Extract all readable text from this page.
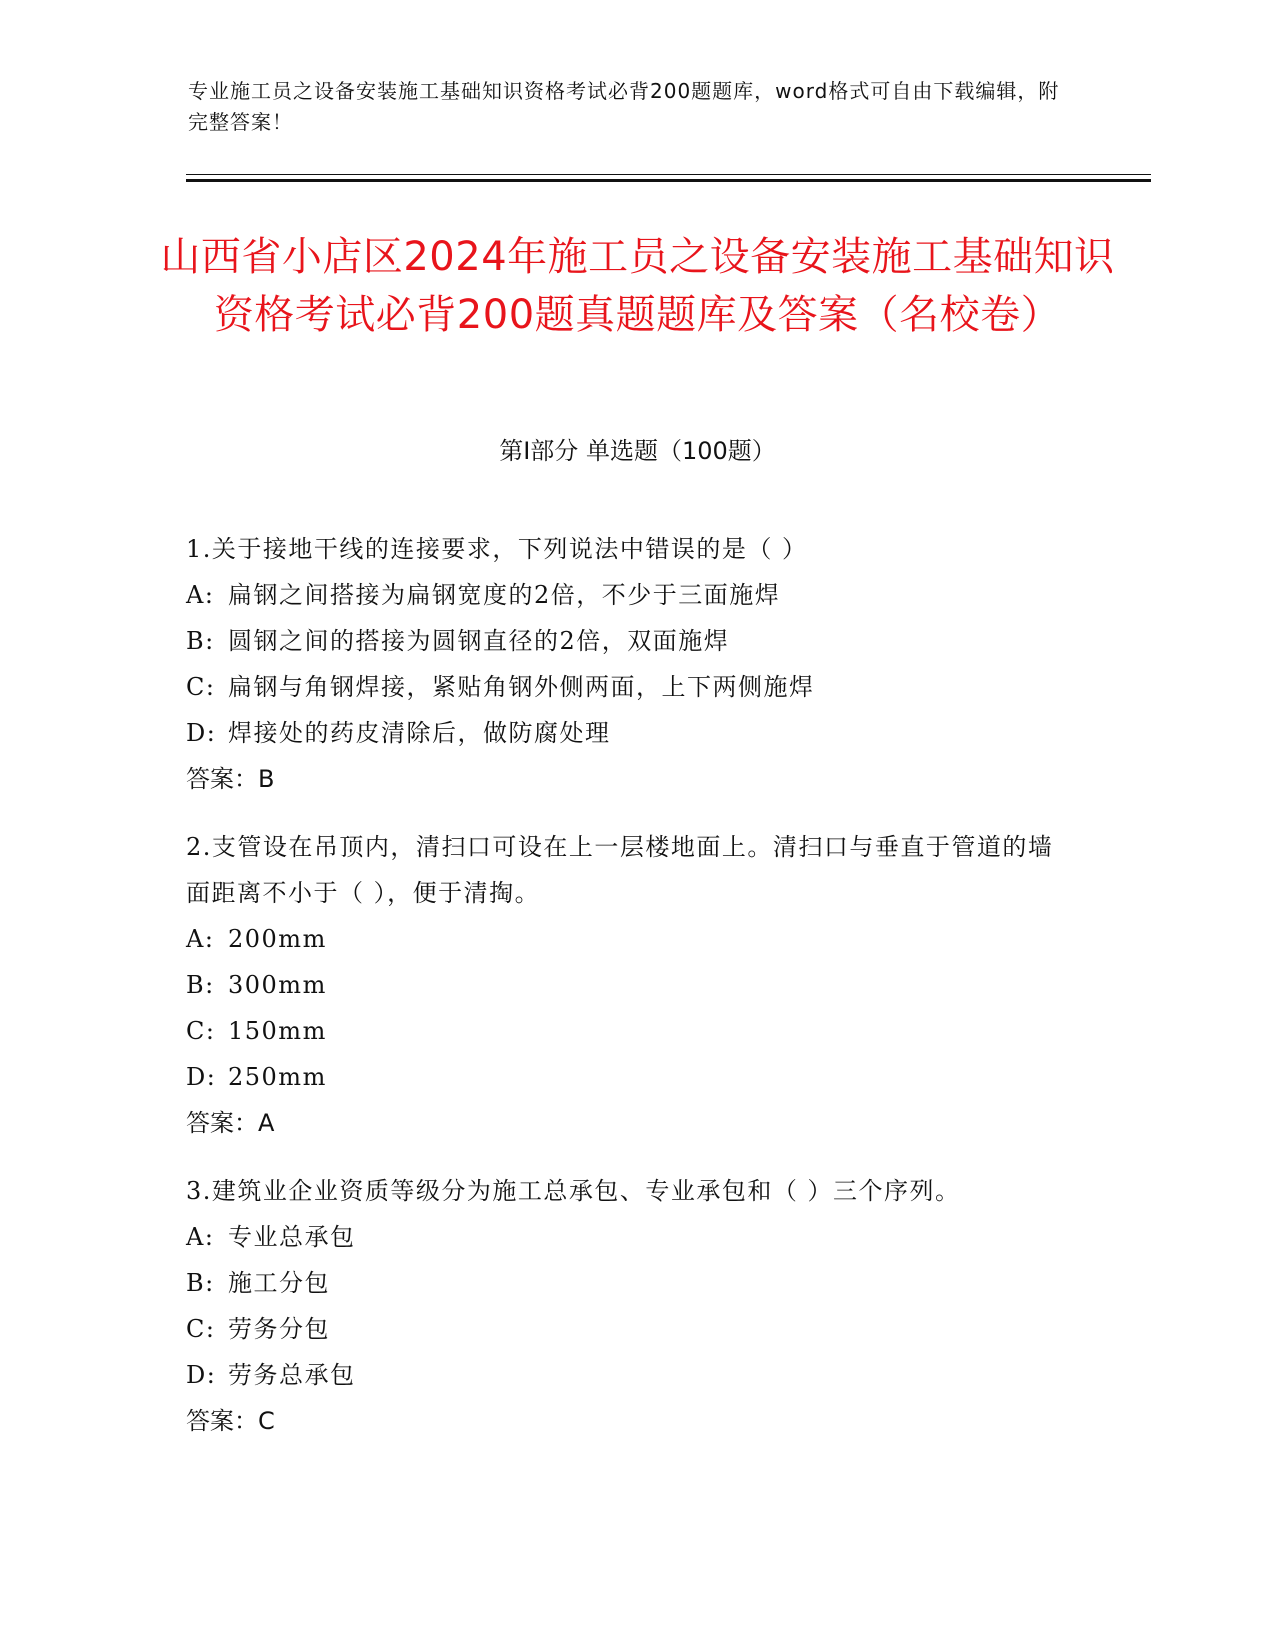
专业施工员之设备安装施工基础知识资格考试必背200题题库，word格式可自由下载编辑，附完整答案！
山西省小店区2024年施工员之设备安装施工基础知识资格考试必背200题真题题库及答案（名校卷）
第Ⅰ部分 单选题（100题）
1.关于接地干线的连接要求，下列说法中错误的是（ ）
A: 扁钢之间搭接为扁钢宽度的2倍，不少于三面施焊
B: 圆钢之间的搭接为圆钢直径的2倍，双面施焊
C: 扁钢与角钢焊接，紧贴角钢外侧两面，上下两侧施焊
D: 焊接处的药皮清除后，做防腐处理
答案：B
2.支管设在吊顶内，清扫口可设在上一层楼地面上。清扫口与垂直于管道的墙面距离不小于（ ），便于清掏。
A: 200mm
B: 300mm
C: 150mm
D: 250mm
答案：A
3.建筑业企业资质等级分为施工总承包、专业承包和（ ）三个序列。
A: 专业总承包
B: 施工分包
C: 劳务分包
D: 劳务总承包
答案：C
